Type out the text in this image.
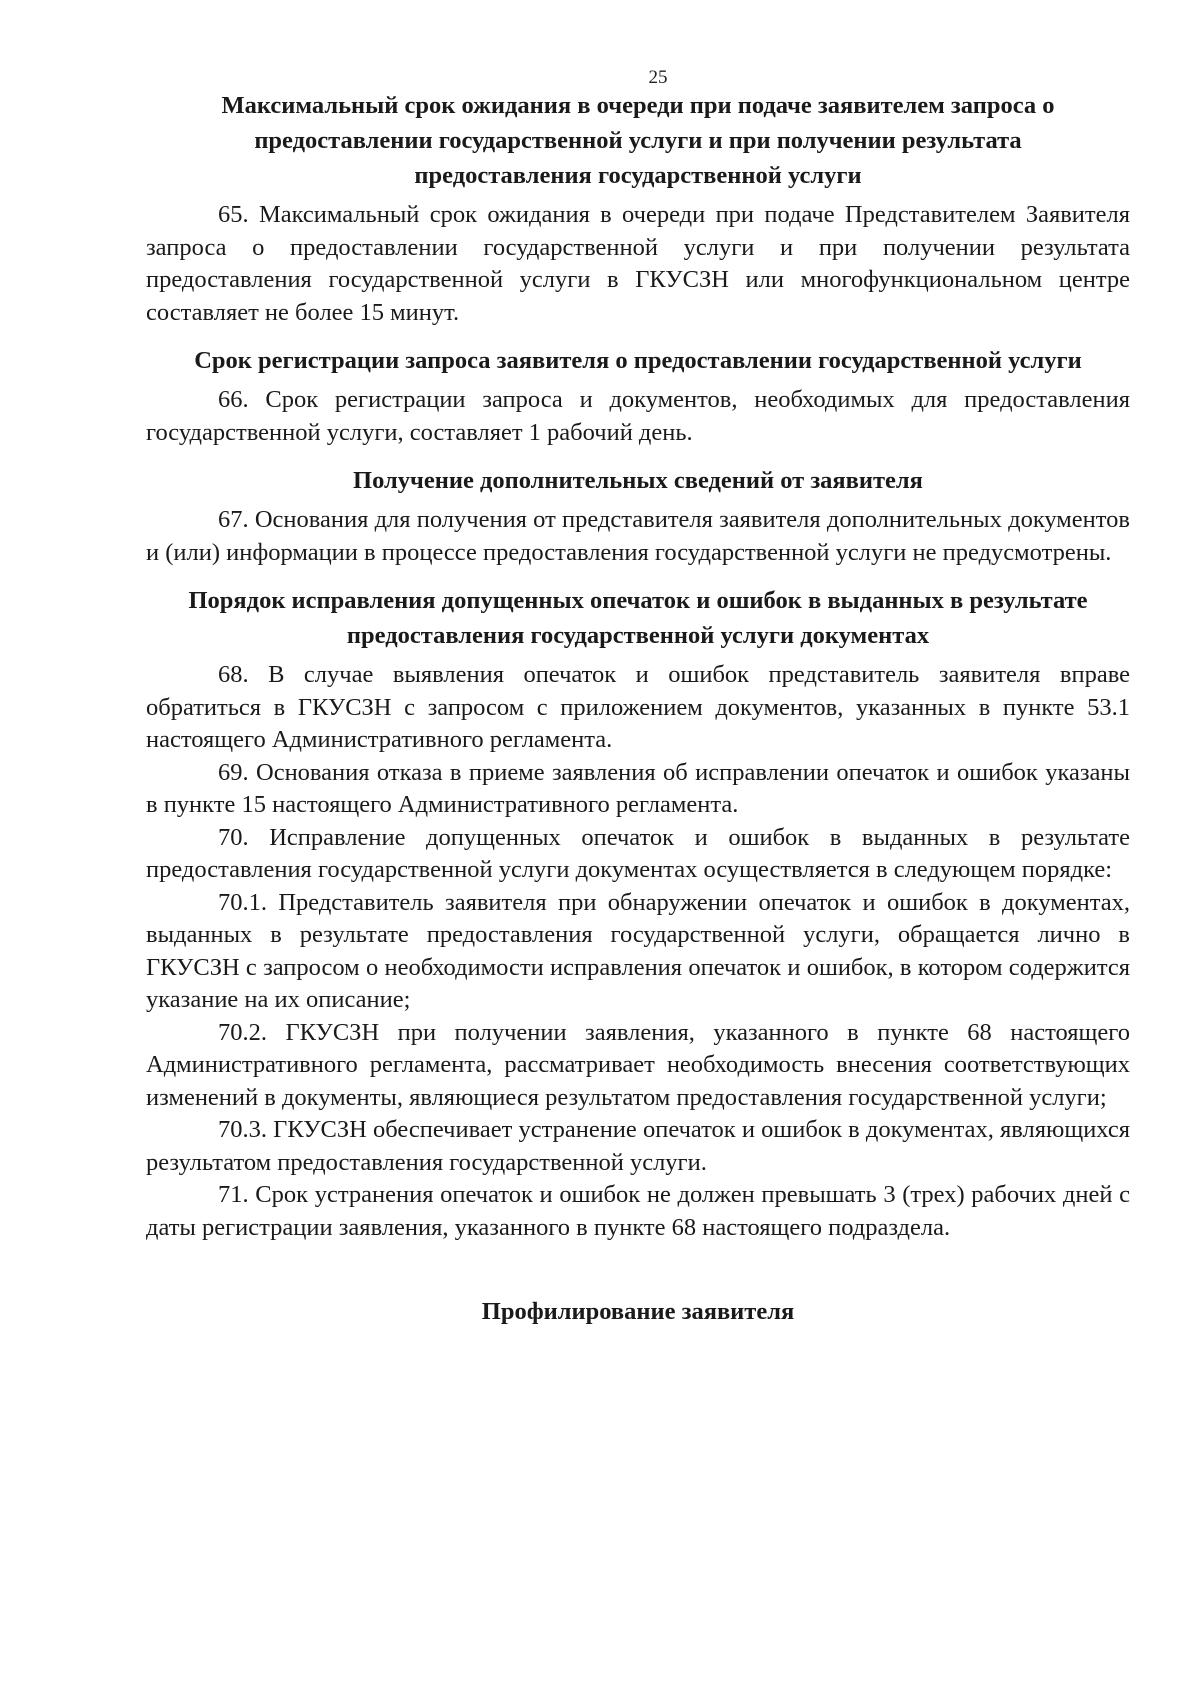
25
Максимальный срок ожидания в очереди при подаче заявителем запроса о предоставлении государственной услуги и при получении результата предоставления государственной услуги

65. Максимальный срок ожидания в очереди при подаче Представителем Заявителя запроса о предоставлении государственной услуги и при получении результата предоставления государственной услуги в ГКУСЗН или многофункциональном центре составляет не более 15 минут.

Срок регистрации запроса заявителя о предоставлении государственной услуги

66. Срок регистрации запроса и документов, необходимых для предоставления государственной услуги, составляет 1 рабочий день.

Получение дополнительных сведений от заявителя

67. Основания для получения от представителя заявителя дополнительных документов и (или) информации в процессе предоставления государственной услуги не предусмотрены.

Порядок исправления допущенных опечаток и ошибок в выданных в результате предоставления государственной услуги документах

68. В случае выявления опечаток и ошибок представитель заявителя вправе обратиться в ГКУСЗН с запросом с приложением документов, указанных в пункте 53.1 настоящего Административного регламента.

69. Основания отказа в приеме заявления об исправлении опечаток и ошибок указаны в пункте 15 настоящего Административного регламента.

70. Исправление допущенных опечаток и ошибок в выданных в результате предоставления государственной услуги документах осуществляется в следующем порядке:

70.1. Представитель заявителя при обнаружении опечаток и ошибок в документах, выданных в результате предоставления государственной услуги, обращается лично в ГКУСЗН с запросом о необходимости исправления опечаток и ошибок, в котором содержится указание на их описание;

70.2. ГКУСЗН при получении заявления, указанного в пункте 68 настоящего Административного регламента, рассматривает необходимость внесения соответствующих изменений в документы, являющиеся результатом предоставления государственной услуги;

70.3. ГКУСЗН обеспечивает устранение опечаток и ошибок в документах, являющихся результатом предоставления государственной услуги.

71. Срок устранения опечаток и ошибок не должен превышать 3 (трех) рабочих дней с даты регистрации заявления, указанного в пункте 68 настоящего подраздела.

Профилирование заявителя
